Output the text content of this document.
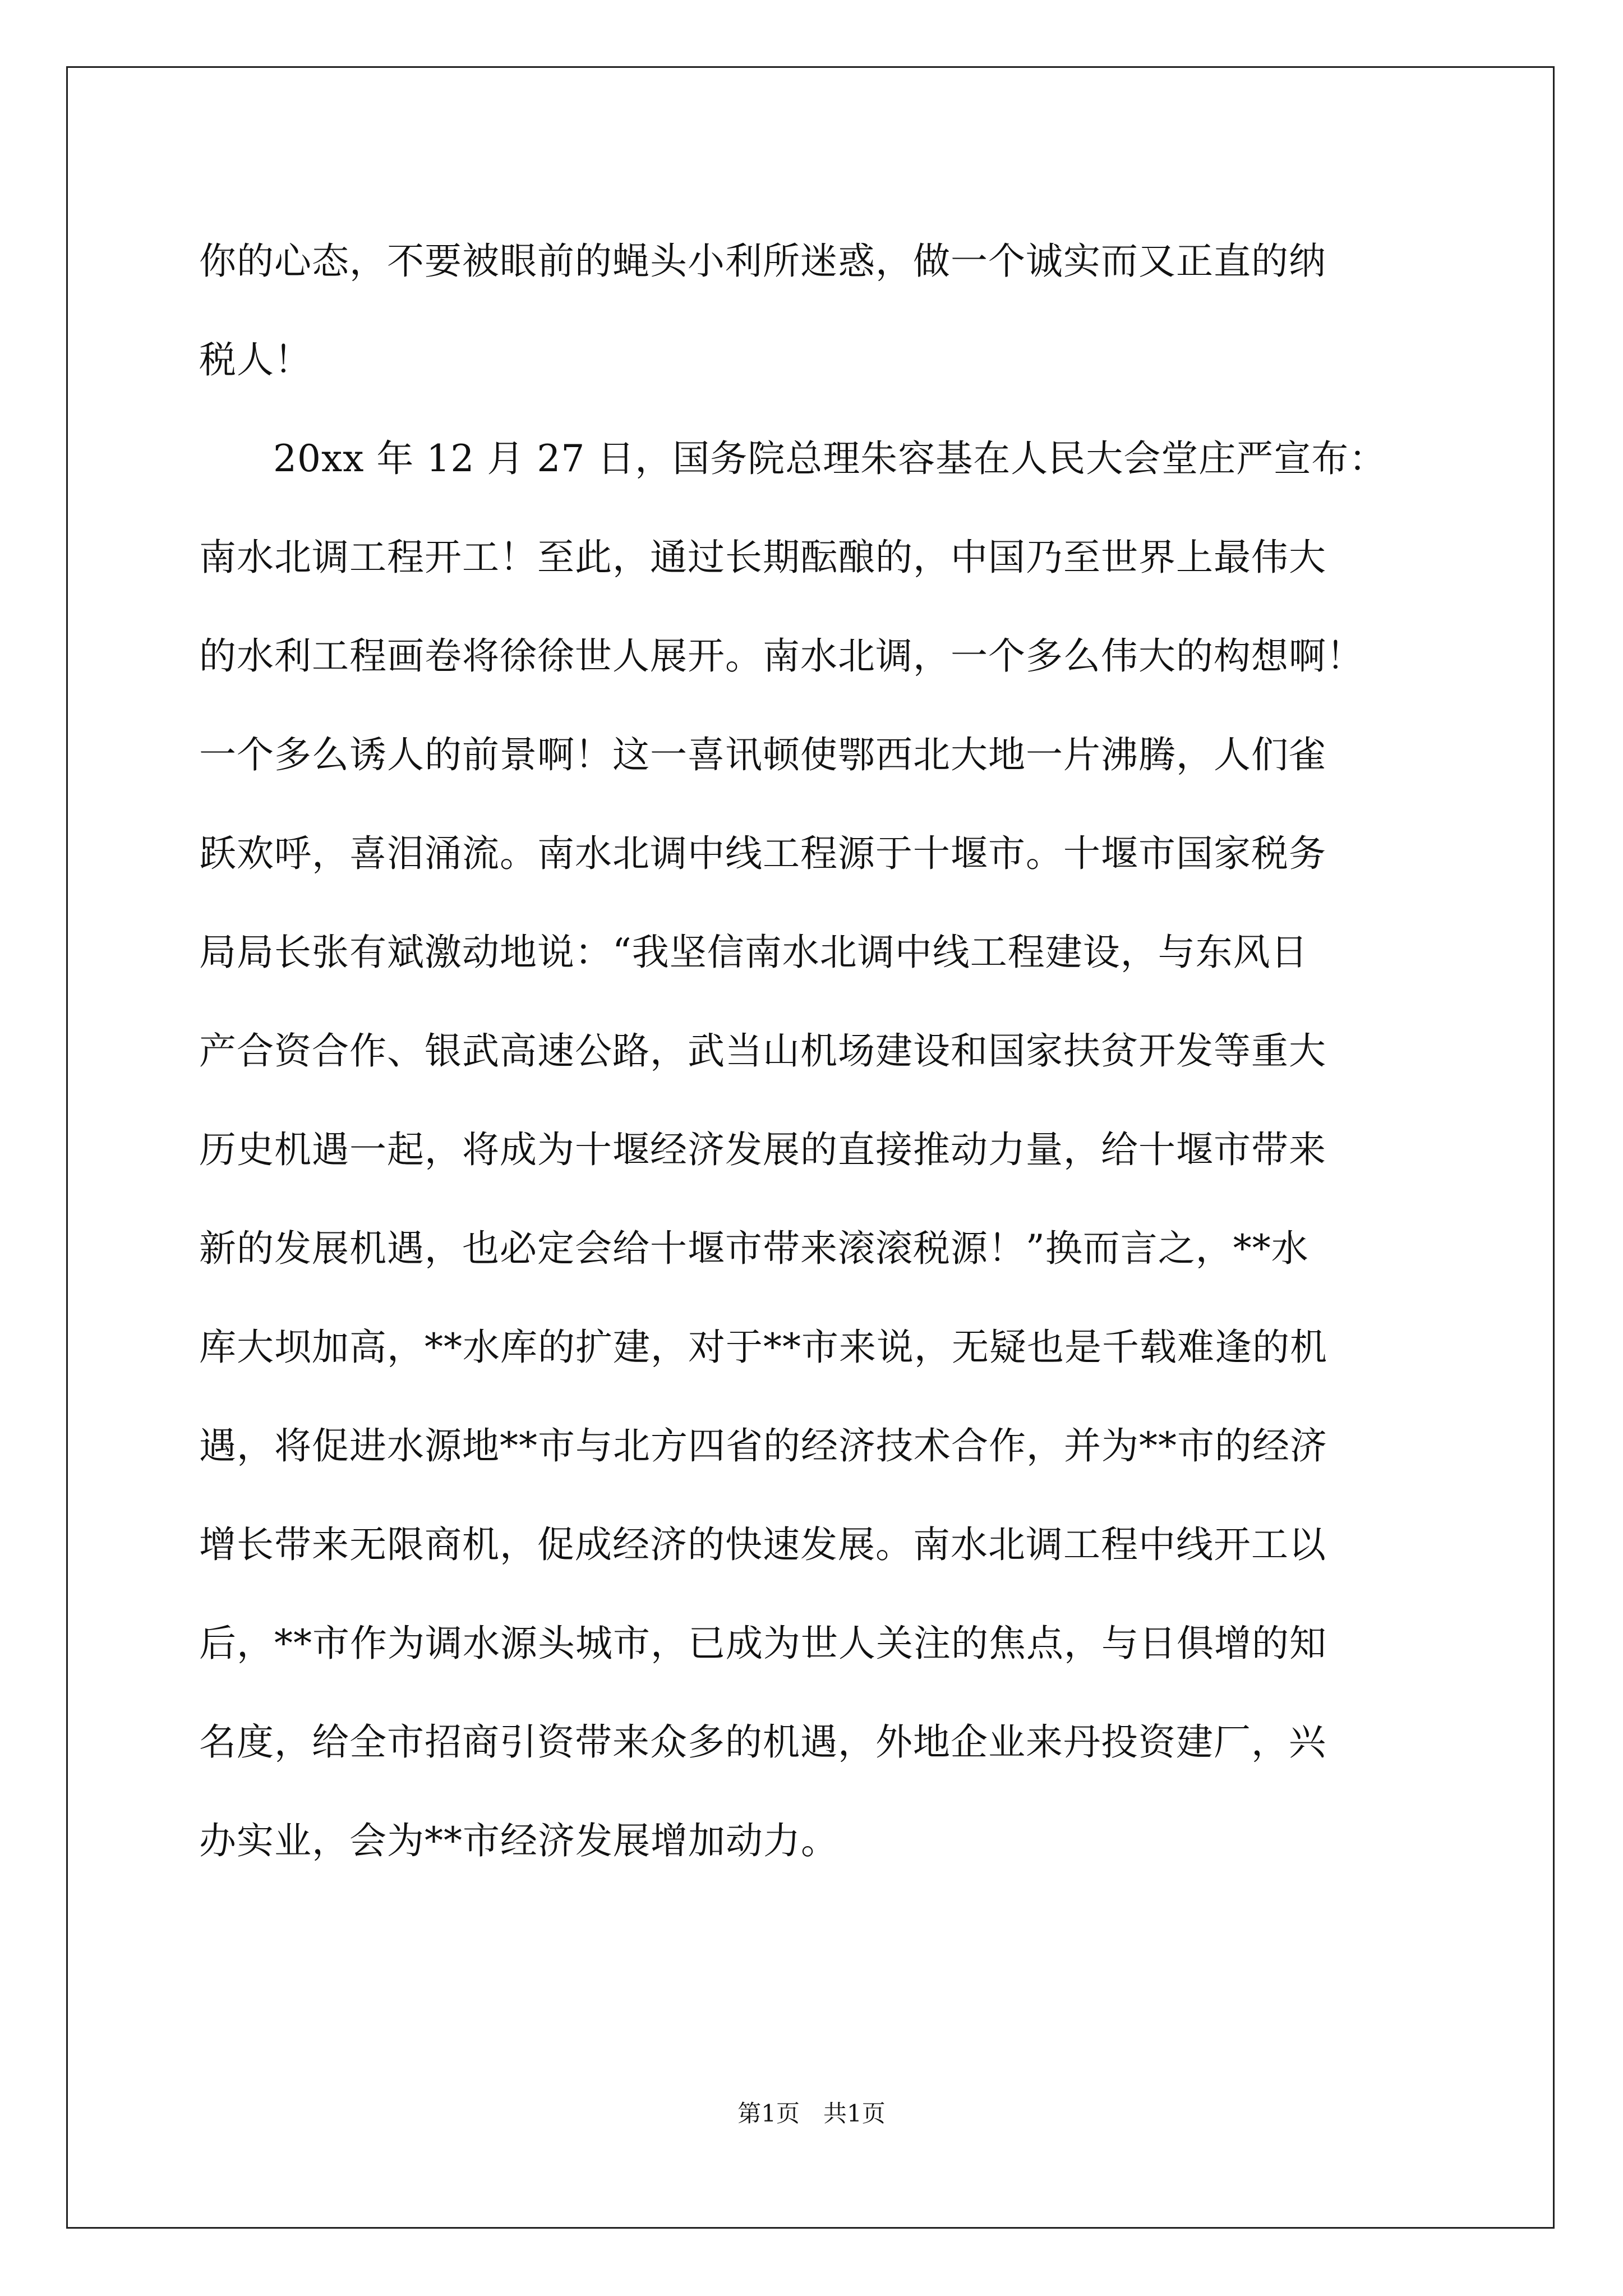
你的心态，不要被眼前的蝇头小利所迷惑，做一个诚实而又正直的纳
税人！
20xx 年 12 月 27 日，国务院总理朱容基在人民大会堂庄严宣布：
南水北调工程开工！至此，通过长期酝酿的，中国乃至世界上最伟大
的水利工程画卷将徐徐世人展开。南水北调，一个多么伟大的构想啊！
一个多么诱人的前景啊！这一喜讯顿使鄂西北大地一片沸腾，人们雀
跃欢呼，喜泪涌流。南水北调中线工程源于十堰市。十堰市国家税务
局局长张有斌激动地说：“我坚信南水北调中线工程建设，与东风日
产合资合作、银武高速公路，武当山机场建设和国家扶贫开发等重大
历史机遇一起，将成为十堰经济发展的直接推动力量，给十堰市带来
新的发展机遇，也必定会给十堰市带来滚滚税源！”换而言之，**水
库大坝加高，**水库的扩建，对于**市来说，无疑也是千载难逢的机
遇，将促进水源地**市与北方四省的经济技术合作，并为**市的经济
增长带来无限商机，促成经济的快速发展。南水北调工程中线开工以
后，**市作为调水源头城市，已成为世人关注的焦点，与日俱增的知
名度，给全市招商引资带来众多的机遇，外地企业来丹投资建厂，兴
办实业，会为**市经济发展增加动力。
第1页　共1页
